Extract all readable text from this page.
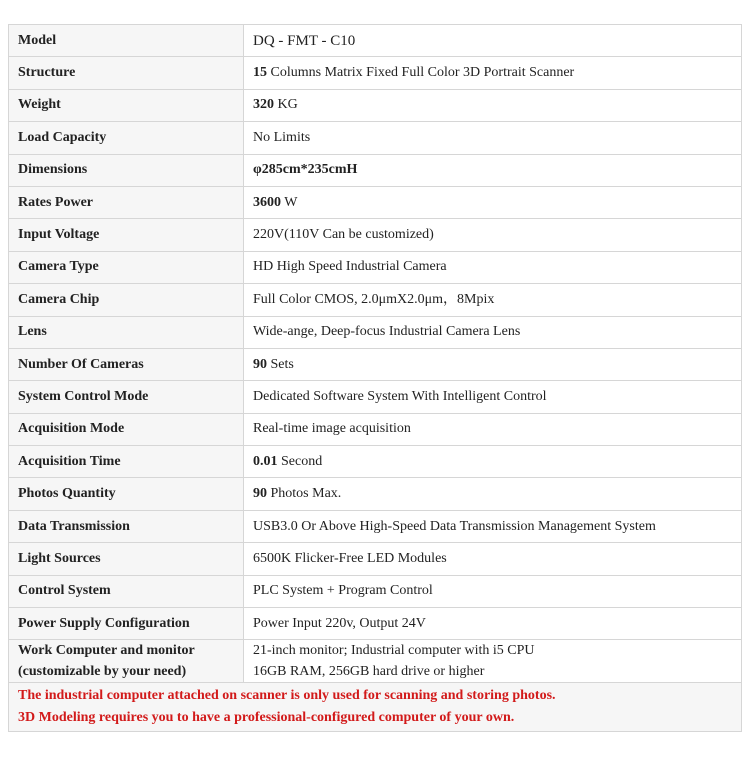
Model	DQ - FMT - C10
Structure	15 Columns Matrix Fixed Full Color 3D Portrait Scanner
Weight	320 KG
Load Capacity	No Limits
Dimensions	φ285cm*235cmH
Rates Power	3600 W
Input Voltage	220V(110V Can be customized)
Camera Type	HD High Speed Industrial Camera
Camera Chip	Full Color CMOS, 2.0μmX2.0μm，8Mpix
Lens	Wide-ange, Deep-focus Industrial Camera Lens
Number Of Cameras	90 Sets
System Control Mode	Dedicated Software System With Intelligent Control
Acquisition Mode	Real-time image acquisition
Acquisition Time	0.01 Second
Photos Quantity	90 Photos Max.
Data Transmission	USB3.0 Or Above High-Speed Data Transmission Management System
Light Sources	6500K Flicker-Free LED Modules
Control System	PLC System + Program Control
Power Supply Configuration	Power Input 220v, Output 24V

Work Computer and monitor
(customizable by your need)	21-inch monitor; Industrial computer with i5 CPU
16GB RAM, 256GB hard drive or higher

The industrial computer attached on scanner is only used for scanning and storing photos.
3D Modeling requires you to have a professional-configured computer of your own.	
